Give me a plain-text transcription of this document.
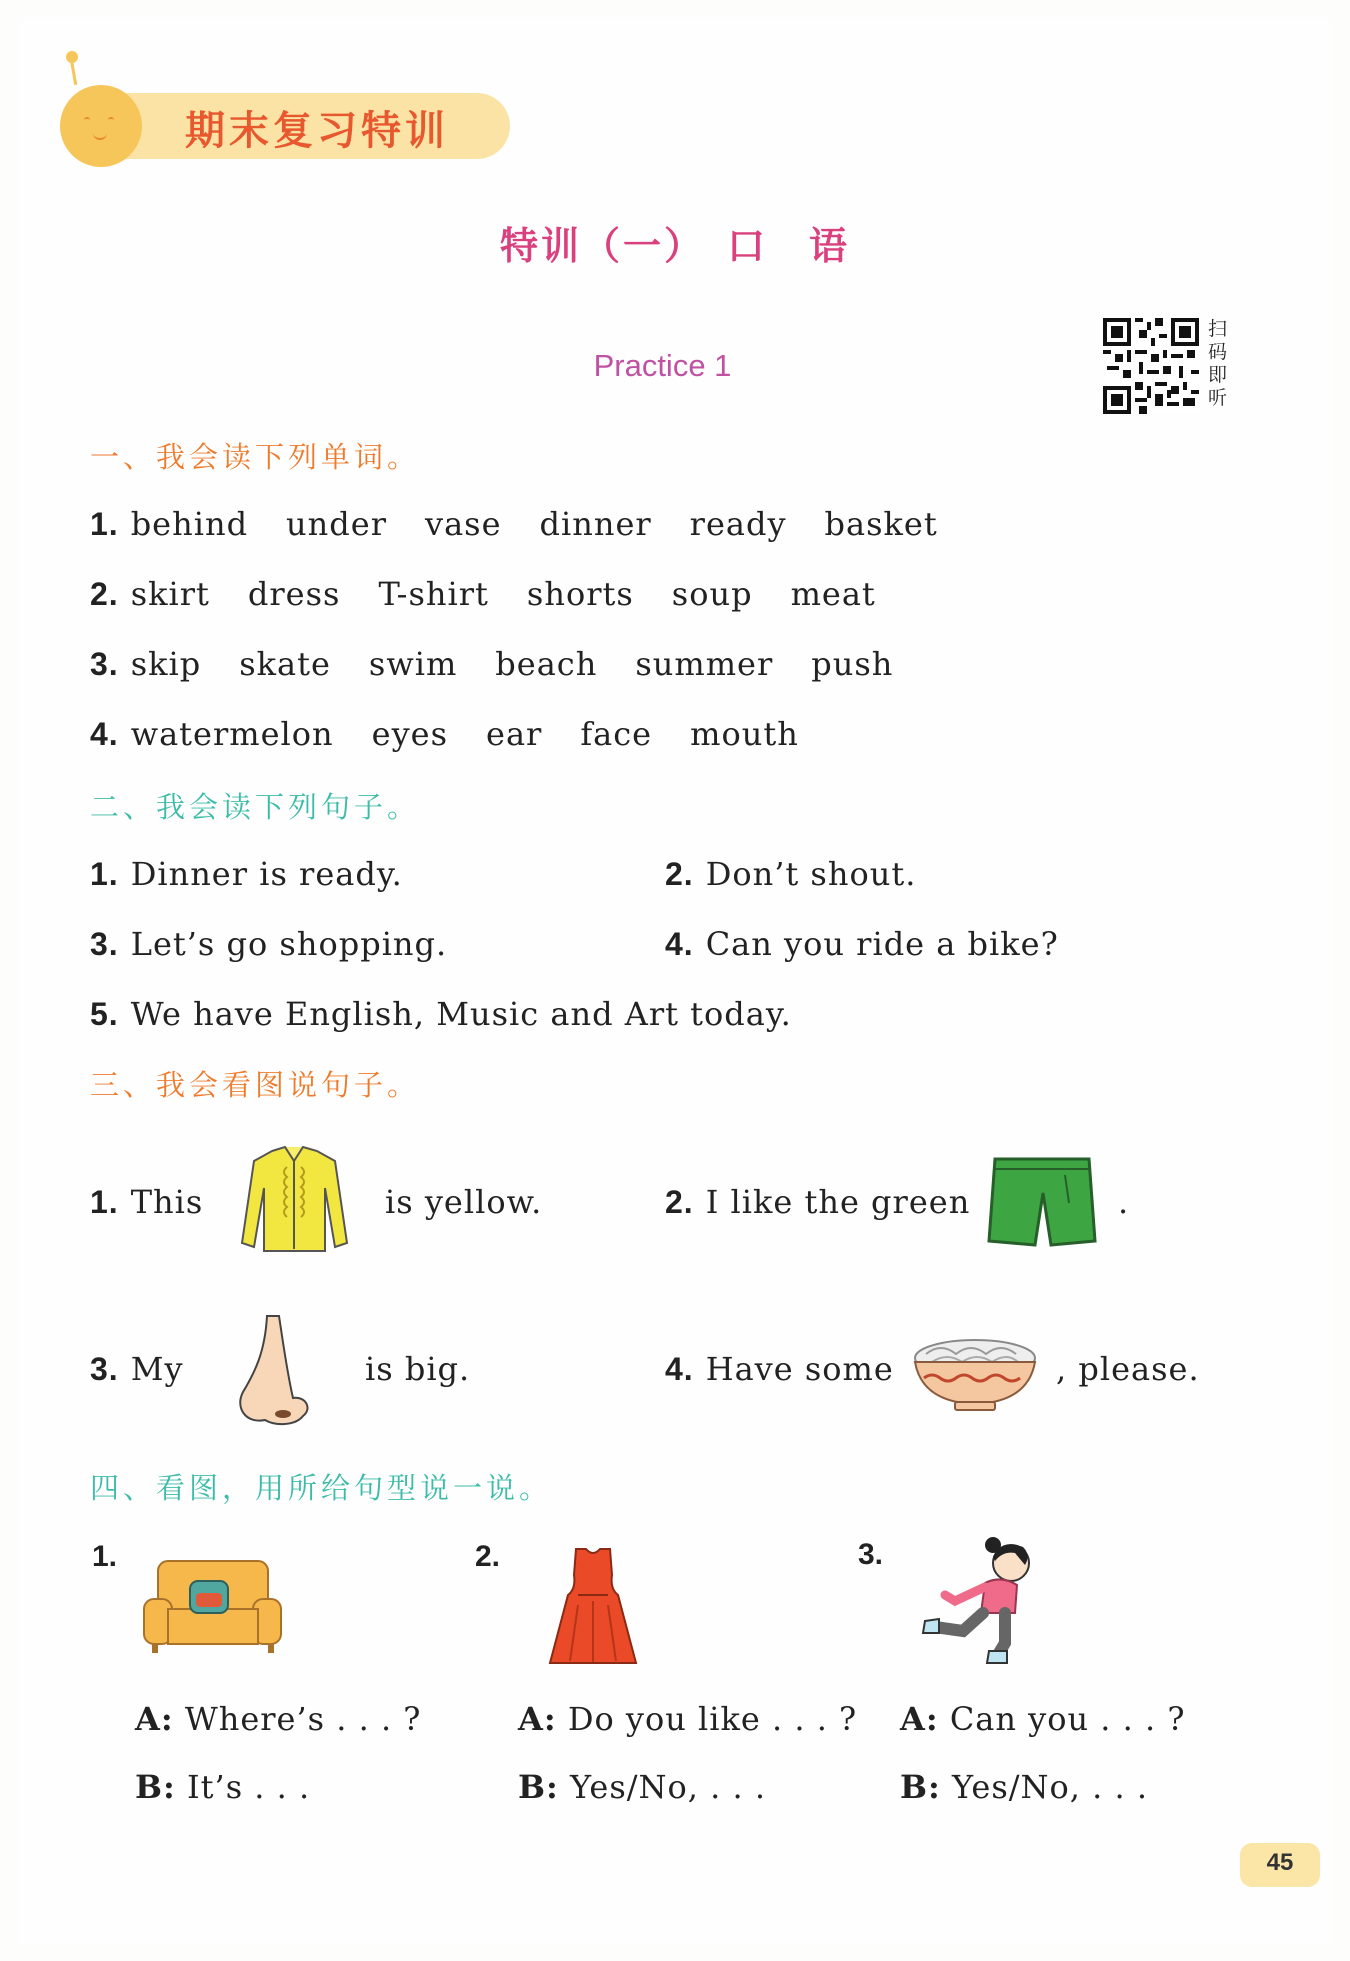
期末复习特训
特训（一）　口　语
Practice 1
扫
码
即
听
一、我会读下列单词。
1. behind under vase dinner ready basket
2. skirt dress T-shirt shorts soup meat
3. skip skate swim beach summer push
4. watermelon eyes ear face mouth
二、我会读下列句子。
1. Dinner is ready.	2. Don’t shout.
3. Let’s go shopping.	4. Can you ride a bike?
5. We have English, Music and Art today.
三、我会看图说句子。
1. This	is yellow.	2. I like the green	.
3. My	is big.	4. Have some	, please.
四、看图，用所给句型说一说。
1.
A: Where’s . . . ?
B: It’s . . .
2.
A: Do you like . . . ?
B: Yes/No, . . .
3.
A: Can you . . . ?
B: Yes/No, . . .
45
